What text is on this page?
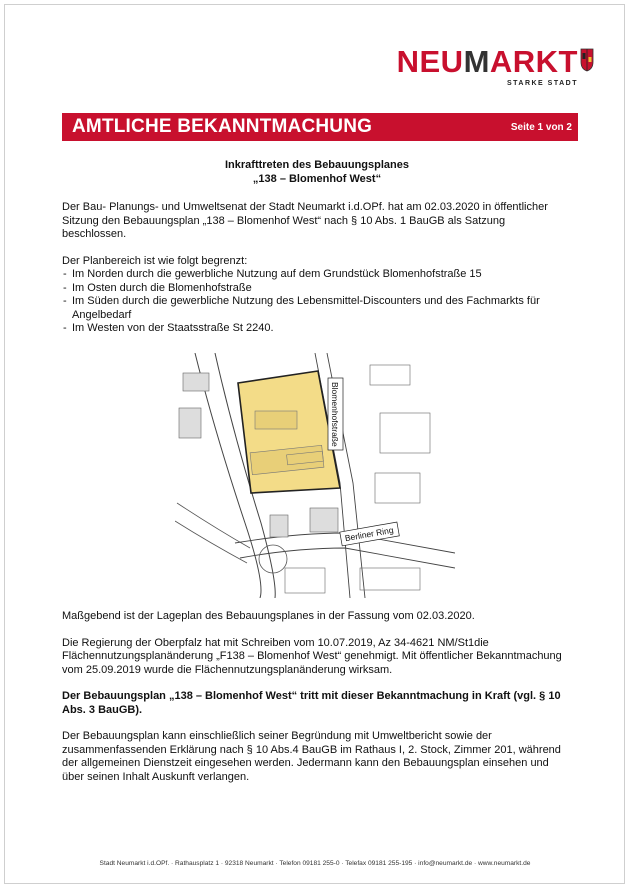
NEUMARKT
STARKE STADT
AMTLICHE BEKANNTMACHUNG	Seite 1 von 2
Inkrafttreten des Bebauungsplanes
„138 – Blomenhof West“

Der Bau- Planungs- und Umweltsenat der Stadt Neumarkt i.d.OPf. hat am 02.03.2020 in öffentlicher Sitzung den Bebauungsplan „138 – Blomenhof West“ nach § 10 Abs. 1 BauGB als Satzung beschlossen.

Der Planbereich ist wie folgt begrenzt:
- Im Norden durch die gewerbliche Nutzung auf dem Grundstück Blomenhofstraße 15
- Im Osten durch die Blomenhofstraße
- Im Süden durch die gewerbliche Nutzung des Lebensmittel-Discounters und des Fachmarkts für Angelbedarf
- Im Westen von der Staatsstraße St 2240.
Blomenhofstraße
Berliner Ring

Maßgebend ist der Lageplan des Bebauungsplanes in der Fassung vom 02.03.2020.

Die Regierung der Oberpfalz hat mit Schreiben vom 10.07.2019, Az 34-4621 NM/St1die Flächennutzungsplanänderung „F138 – Blomenhof West“ genehmigt. Mit öffentlicher Bekanntmachung vom 25.09.2019 wurde die Flächennutzungsplanänderung wirksam.

Der Bebauungsplan „138 – Blomenhof West“ tritt mit dieser Bekanntmachung in Kraft (vgl. § 10 Abs. 3 BauGB).

Der Bebauungsplan kann einschließlich seiner Begründung mit Umweltbericht sowie der zusammenfassenden Erklärung nach § 10 Abs.4 BauGB im Rathaus I, 2. Stock, Zimmer 201, während der allgemeinen Dienstzeit eingesehen werden. Jedermann kann den Bebauungsplan einsehen und über seinen Inhalt Auskunft verlangen.

Stadt Neumarkt i.d.OPf. · Rathausplatz 1 · 92318 Neumarkt · Telefon 09181 255-0 · Telefax 09181 255-195 · info@neumarkt.de · www.neumarkt.de
